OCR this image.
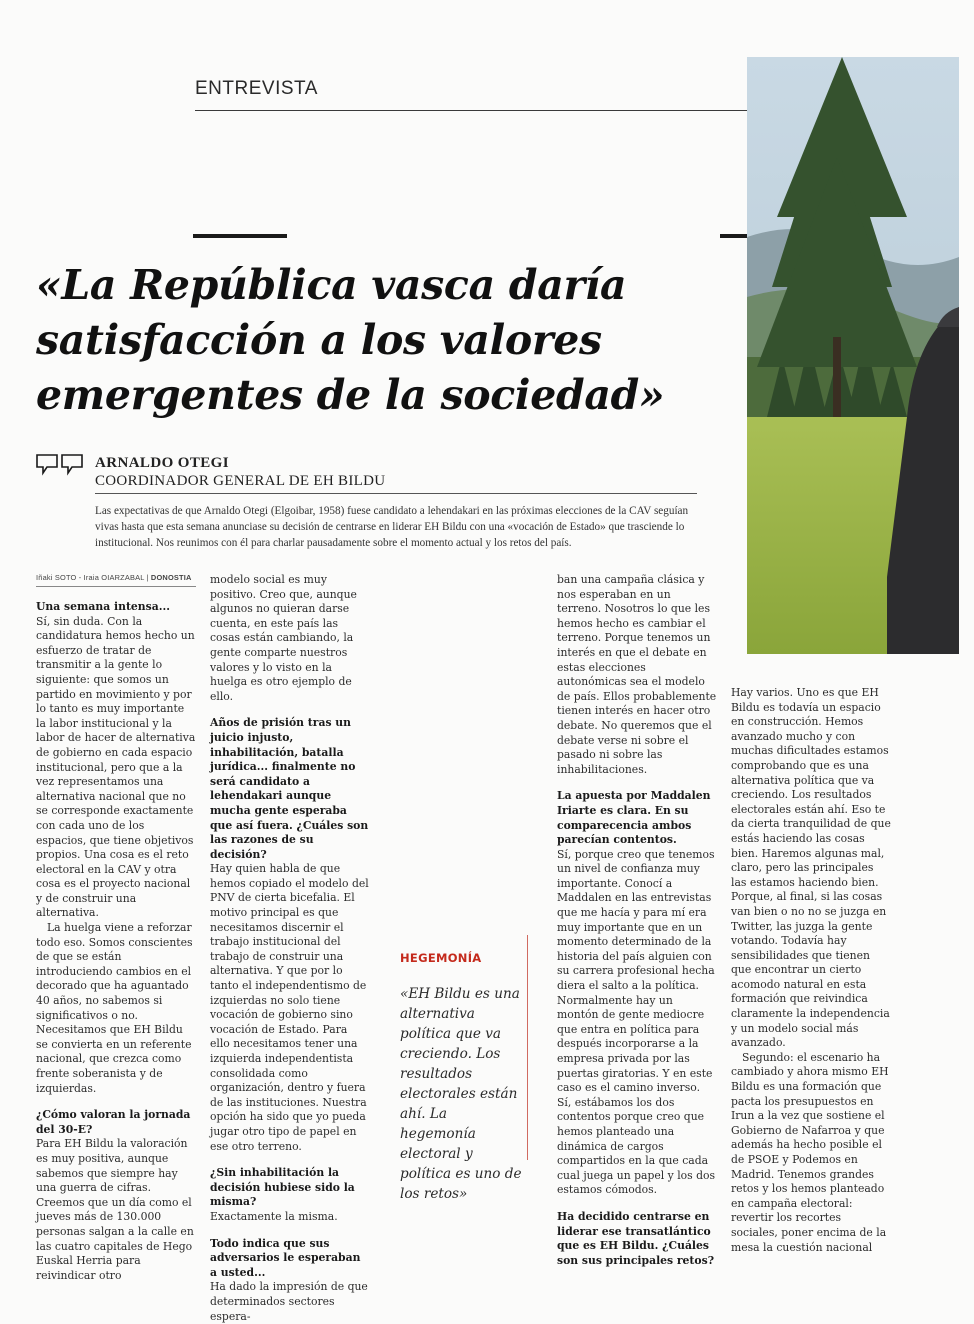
ENTREVISTA
«La República vasca daría satisfacción a los valores emergentes de la sociedad»
ARNALDO OTEGI
COORDINADOR GENERAL DE EH BILDU

Las expectativas de que Arnaldo Otegi (Elgoibar, 1958) fuese candidato a lehendakari en las próximas elecciones de la CAV seguían vivas hasta que esta semana anunciase su decisión de centrarse en liderar EH Bildu con una «vocación de Estado» que trasciende lo institucional. Nos reunimos con él para charlar pausadamente sobre el momento actual y los retos del país.

Iñaki SOTO - Iraia OIARZABAL | DONOSTIA

Una semana intensa...

Sí, sin duda. Con la candidatura hemos hecho un esfuerzo de tratar de transmitir a la gente lo siguiente: que somos un partido en movimiento y por lo tanto es muy importante la labor institucional y la labor de hacer de alternativa de gobierno en cada espacio institucional, pero que a la vez representamos una alternativa nacional que no se corresponde exactamente con cada uno de los espacios, que tiene objetivos propios. Una cosa es el reto electoral en la CAV y otra cosa es el proyecto nacional y de construir una alternativa.

La huelga viene a reforzar todo eso. Somos conscientes de que se están introduciendo cambios en el decorado que ha aguantado 40 años, no sabemos si significativos o no. Necesitamos que EH Bildu se convierta en un referente nacional, que crezca como frente soberanista y de izquierdas.

¿Cómo valoran la jornada del 30-E?

Para EH Bildu la valoración es muy positiva, aunque sabemos que siempre hay una guerra de cifras. Creemos que un día como el jueves más de 130.000 personas salgan a la calle en las cuatro capitales de Hego Euskal Herria para reivindicar otro

modelo social es muy positivo. Creo que, aunque algunos no quieran darse cuenta, en este país las cosas están cambiando, la gente comparte nuestros valores y lo visto en la huelga es otro ejemplo de ello.

Años de prisión tras un juicio injusto, inhabilitación, batalla jurídica... finalmente no será candidato a lehendakari aunque mucha gente esperaba que así fuera. ¿Cuáles son las razones de su decisión?

Hay quien habla de que hemos copiado el modelo del PNV de cierta bicefalia. El motivo principal es que necesitamos discernir el trabajo institucional del trabajo de construir una alternativa. Y que por lo tanto el independentismo de izquierdas no solo tiene vocación de gobierno sino vocación de Estado. Para ello necesitamos tener una izquierda independentista consolidada como organización, dentro y fuera de las instituciones. Nuestra opción ha sido que yo pueda jugar otro tipo de papel en ese otro terreno.

¿Sin inhabilitación la decisión hubiese sido la misma?

Exactamente la misma.

Todo indica que sus adversarios le esperaban a usted...

Ha dado la impresión de que determinados sectores espera-

HEGEMONÍA

«EH Bildu es una alternativa política que va creciendo. Los resultados electorales están ahí. La hegemonía electoral y política es uno de los retos»

ban una campaña clásica y nos esperaban en un terreno. Nosotros lo que les hemos hecho es cambiar el terreno. Porque tenemos un interés en que el debate en estas elecciones autonómicas sea el modelo de país. Ellos probablemente tienen interés en hacer otro debate. No queremos que el debate verse ni sobre el pasado ni sobre las inhabilitaciones.

La apuesta por Maddalen Iriarte es clara. En su comparecencia ambos parecían contentos.

Sí, porque creo que tenemos un nivel de confianza muy importante. Conocí a Maddalen en las entrevistas que me hacía y para mí era muy importante que en un momento determinado de la historia del país alguien con su carrera profesional hecha diera el salto a la política. Normalmente hay un montón de gente mediocre que entra en política para después incorporarse a la empresa privada por las puertas giratorias. Y en este caso es el camino inverso. Sí, estábamos los dos contentos porque creo que hemos planteado una dinámica de cargos compartidos en la que cada cual juega un papel y los dos estamos cómodos.

Ha decidido centrarse en liderar ese transatlántico que es EH Bildu. ¿Cuáles son sus principales retos?

Hay varios. Uno es que EH Bildu es todavía un espacio en construcción. Hemos avanzado mucho y con muchas dificultades estamos comprobando que es una alternativa política que va creciendo. Los resultados electorales están ahí. Eso te da cierta tranquilidad de que estás haciendo las cosas bien. Haremos algunas mal, claro, pero las principales las estamos haciendo bien. Porque, al final, si las cosas van bien o no no se juzga en Twitter, las juzga la gente votando. Todavía hay sensibilidades que tienen que encontrar un cierto acomodo natural en esta formación que reivindica claramente la independencia y un modelo social más avanzado.

Segundo: el escenario ha cambiado y ahora mismo EH Bildu es una formación que pacta los presupuestos en Irun a la vez que sostiene el Gobierno de Nafarroa y que además ha hecho posible el de PSOE y Podemos en Madrid. Tenemos grandes retos y los hemos planteado en campaña electoral: revertir los recortes sociales, poner encima de la mesa la cuestión nacional
